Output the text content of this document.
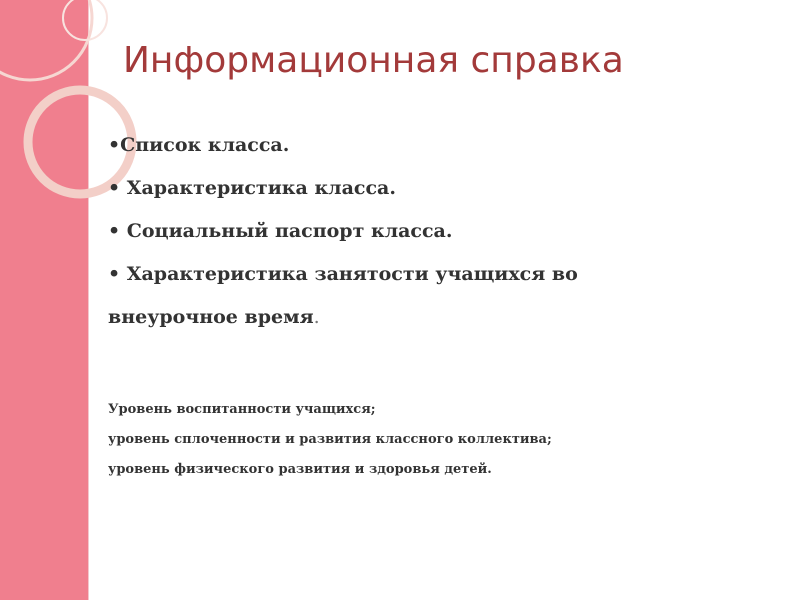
Информационная справка
•Список класса.
• Характеристика класса.
• Социальный паспорт класса.
• Характеристика занятости учащихся во
внеурочное время.
Уровень воспитанности учащихся;
уровень сплоченности и развития классного коллектива;
уровень физического развития и здоровья детей.
